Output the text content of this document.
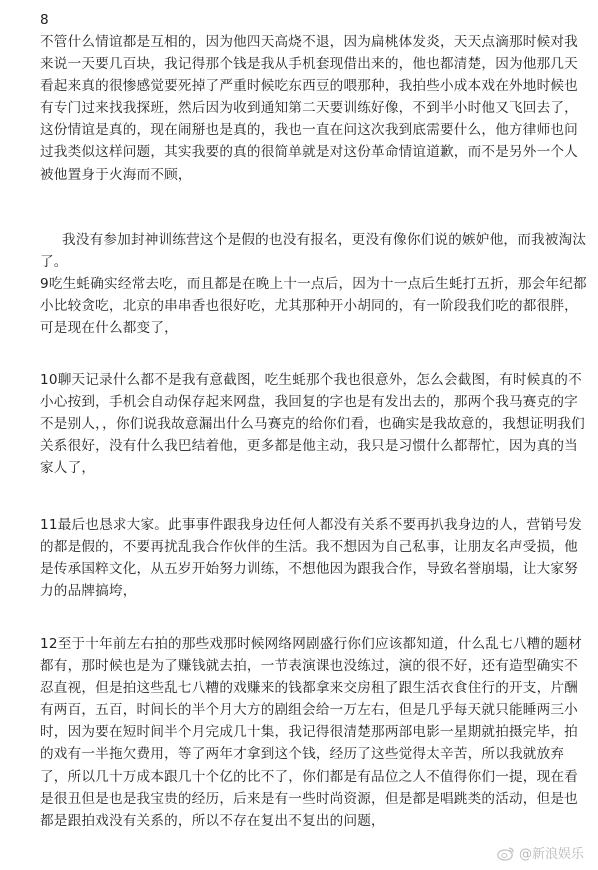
8
不管什么情谊都是互相的，因为他四天高烧不退，因为扁桃体发炎，天天点滴那时候对我来说一天要几百块，我记得那个钱是我从手机套现借出来的，他也都清楚，因为他那几天看起来真的很惨感觉要死掉了严重时候吃东西豆的喂那种，我拍些小成本戏在外地时候也有专门过来找我探班，然后因为收到通知第二天要训练好像，不到半小时他又飞回去了，这份情谊是真的，现在闹掰也是真的，我也一直在问这次我到底需要什么，他方律师也问过我类似这样问题，其实我要的真的很简单就是对这份革命情谊道歉，而不是另外一个人被他置身于火海而不顾，
我没有参加封神训练营这个是假的也没有报名，更没有像你们说的嫉妒他，而我被淘汰了。
9吃生蚝确实经常去吃，而且都是在晚上十一点后，因为十一点后生蚝打五折，那会年纪都小比较贪吃，北京的串串香也很好吃，尤其那种开小胡同的，有一阶段我们吃的都很胖，可是现在什么都变了，
10聊天记录什么都不是我有意截图，吃生蚝那个我也很意外，怎么会截图，有时候真的不小心按到，手机会自动保存起来网盘，我回复的字也是有发出去的，那两个我马赛克的字不是别人，，你们说我故意漏出什么马赛克的给你们看，也确实是我故意的，我想证明我们关系很好，没有什么我巴结着他，更多都是他主动，我只是习惯什么都帮忙，因为真的当家人了，
11最后也恳求大家。此事事件跟我身边任何人都没有关系不要再扒我身边的人，营销号发的都是假的，不要再扰乱我合作伙伴的生活。我不想因为自己私事，让朋友名声受损，他是传承国粹文化，从五岁开始努力训练，不想他因为跟我合作，导致名誉崩塌，让大家努力的品牌搞垮，
12至于十年前左右拍的那些戏那时候网络网剧盛行你们应该都知道，什么乱七八糟的题材都有，那时候也是为了赚钱就去拍，一节表演课也没练过，演的很不好，还有造型确实不忍直视，但是拍这些乱七八糟的戏赚来的钱都拿来交房租了跟生活衣食住行的开支，片酬有两百，五百，时间长的半个月大方的剧组会给一万左右，但是几乎每天就只能睡两三小时，因为要在短时间半个月完成几十集，我记得很清楚那两部电影一星期就拍摄完毕，拍的戏有一半拖欠费用，等了两年才拿到这个钱，经历了这些觉得太辛苦，所以我就放弃了，所以几十万成本跟几十个亿的比不了，你们都是有品位之人不值得你们一提，现在看是很丑但是也是我宝贵的经历，后来是有一些时尚资源，但是都是唱跳类的活动，但是也都是跟拍戏没有关系的，所以不存在复出不复出的问题，
@新浪娱乐
